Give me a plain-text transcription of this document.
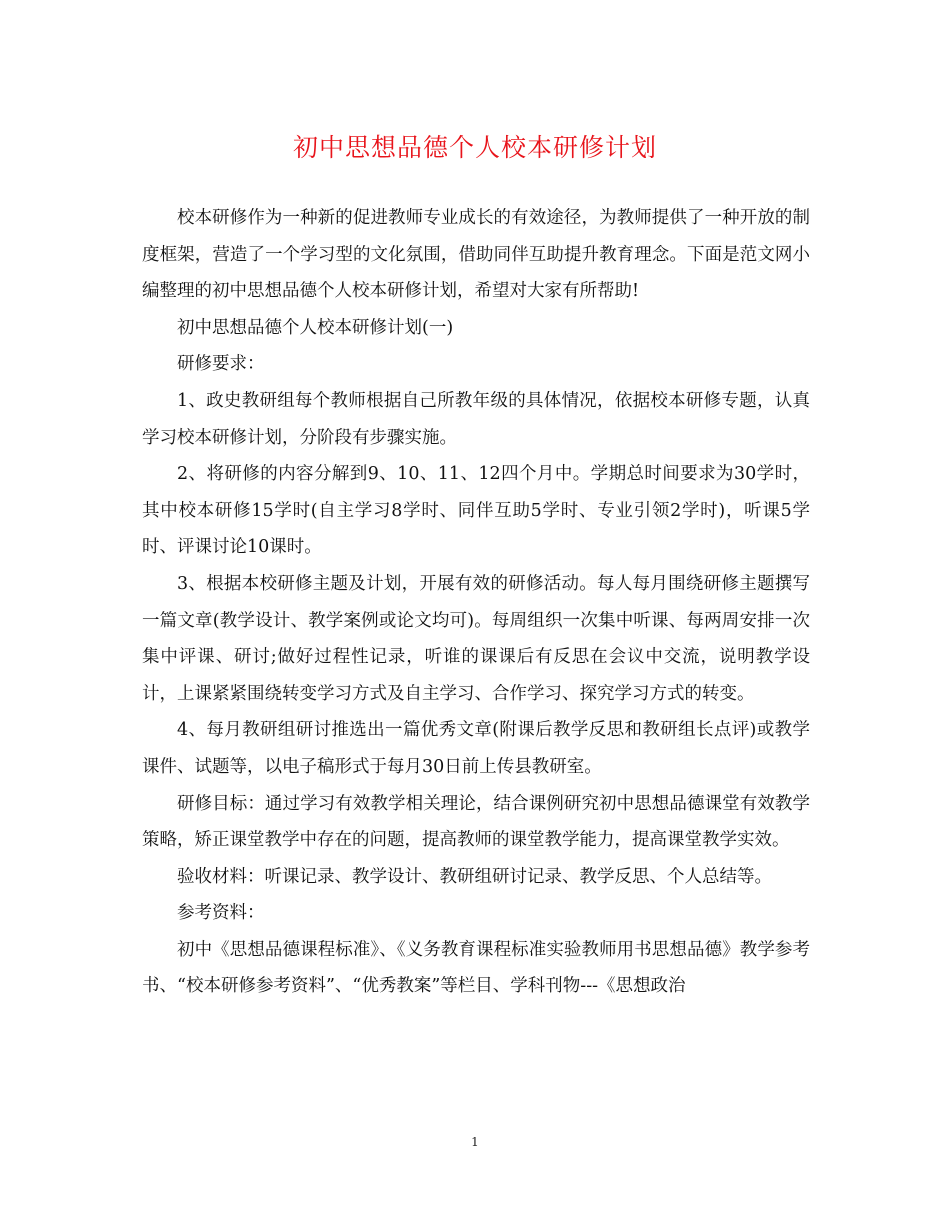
初中思想品德个人校本研修计划

校本研修作为一种新的促进教师专业成长的有效途径，为教师提供了一种开放的制度框架，营造了一个学习型的文化氛围，借助同伴互助提升教育理念。下面是范文网小编整理的初中思想品德个人校本研修计划，希望对大家有所帮助!

初中思想品德个人校本研修计划(一)

研修要求：

1、政史教研组每个教师根据自己所教年级的具体情况，依据校本研修专题，认真学习校本研修计划，分阶段有步骤实施。

2、将研修的内容分解到9、10、11、12四个月中。学期总时间要求为30学时，其中校本研修15学时(自主学习8学时、同伴互助5学时、专业引领2学时)，听课5学时、评课讨论10课时。

3、根据本校研修主题及计划，开展有效的研修活动。每人每月围绕研修主题撰写一篇文章(教学设计、教学案例或论文均可)。每周组织一次集中听课、每两周安排一次集中评课、研讨;做好过程性记录，听谁的课课后有反思在会议中交流，说明教学设计，上课紧紧围绕转变学习方式及自主学习、合作学习、探究学习方式的转变。

4、每月教研组研讨推选出一篇优秀文章(附课后教学反思和教研组长点评)或教学课件、试题等，以电子稿形式于每月30日前上传县教研室。

研修目标：通过学习有效教学相关理论，结合课例研究初中思想品德课堂有效教学策略，矫正课堂教学中存在的问题，提高教师的课堂教学能力，提高课堂教学实效。

验收材料：听课记录、教学设计、教研组研讨记录、教学反思、个人总结等。

参考资料：

初中《思想品德课程标准》、《义务教育课程标准实验教师用书思想品德》教学参考书、“校本研修参考资料”、“优秀教案”等栏目、学科刊物---《思想政治

1
